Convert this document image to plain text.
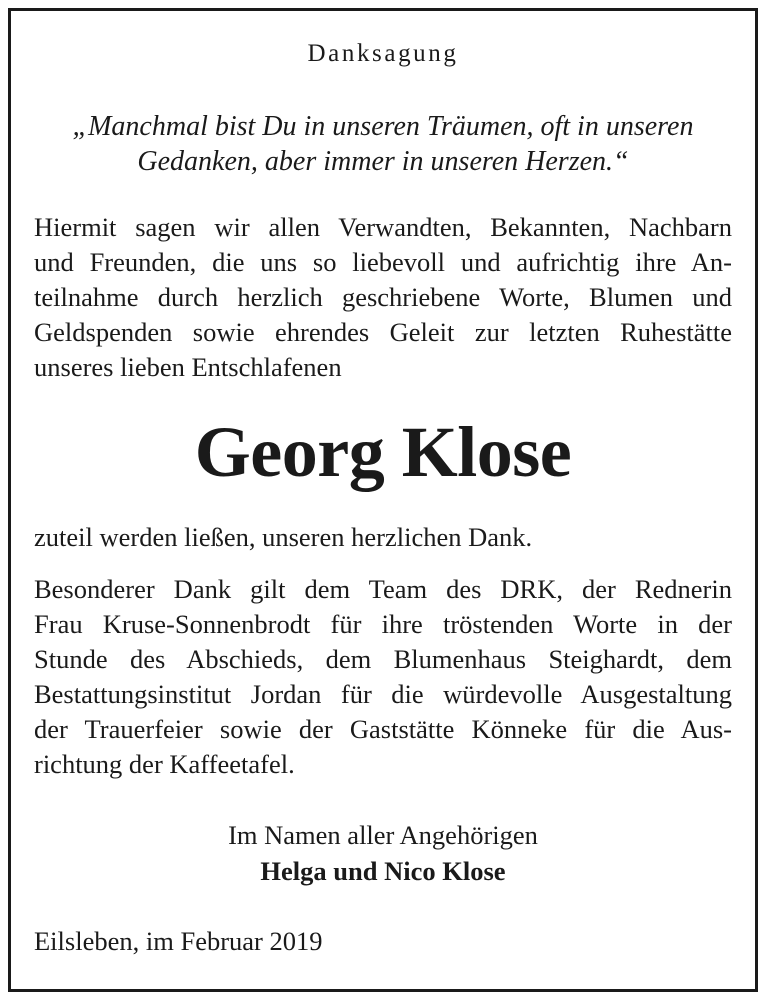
Danksagung
„Manchmal bist Du in unseren Träumen, oft in unseren
Gedanken, aber immer in unseren Herzen.“
Hiermit sagen wir allen Verwandten, Bekannten, Nachbarn
und Freunden, die uns so liebevoll und aufrichtig ihre An-
teilnahme durch herzlich geschriebene Worte, Blumen und
Geldspenden sowie ehrendes Geleit zur letzten Ruhestätte
unseres lieben Entschlafenen
Georg Klose
zuteil werden ließen, unseren herzlichen Dank.
Besonderer Dank gilt dem Team des DRK, der Rednerin
Frau Kruse-Sonnenbrodt für ihre tröstenden Worte in der
Stunde des Abschieds, dem Blumenhaus Steighardt, dem
Bestattungsinstitut Jordan für die würdevolle Ausgestaltung
der Trauerfeier sowie der Gaststätte Könneke für die Aus-
richtung der Kaffeetafel.
Im Namen aller Angehörigen
Helga und Nico Klose
Eilsleben, im Februar 2019
